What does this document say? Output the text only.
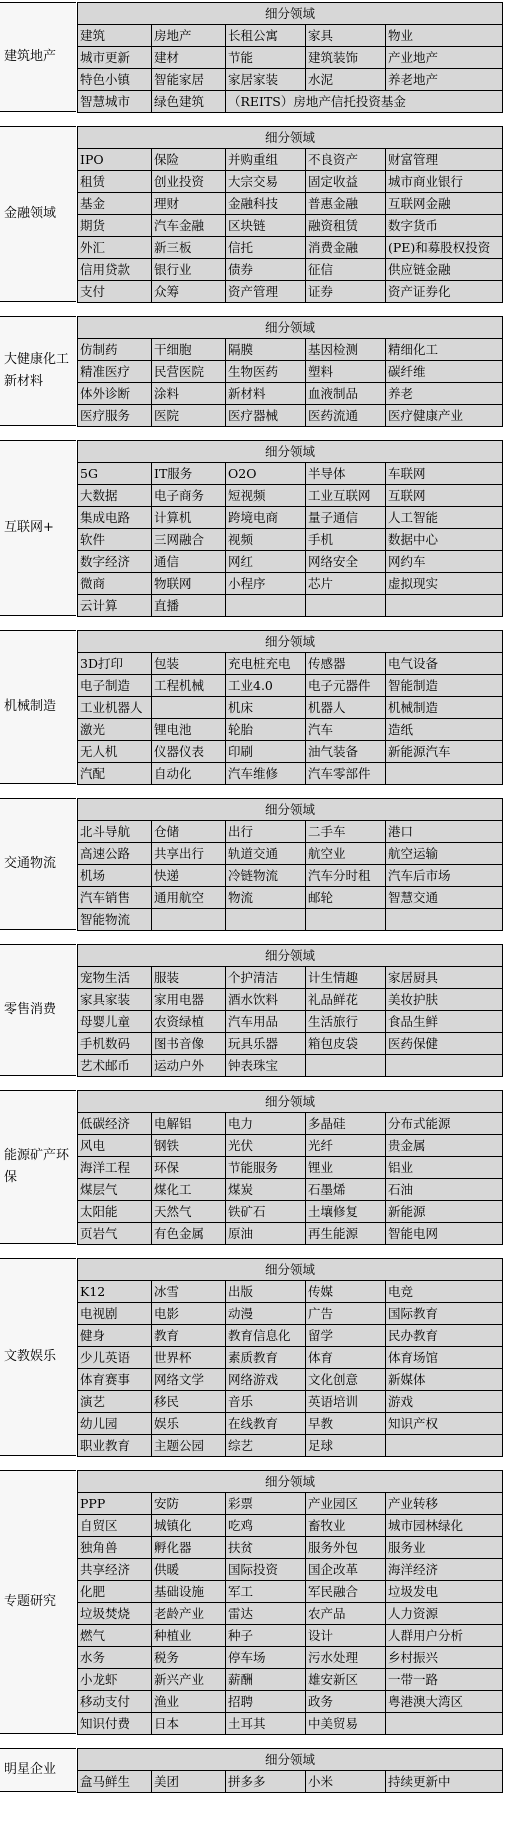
建筑地产
细分领域				
建筑	房地产	长租公寓	家具	物业
城市更新	建材	节能	建筑装饰	产业地产
特色小镇	智能家居	家居家装	水泥	养老地产
智慧城市	绿色建筑	（REITS）房地产信托投资基金		
金融领域
细分领域				
IPO	保险	并购重组	不良资产	财富管理
租赁	创业投资	大宗交易	固定收益	城市商业银行
基金	理财	金融科技	普惠金融	互联网金融
期货	汽车金融	区块链	融资租赁	数字货币
外汇	新三板	信托	消费金融	(PE)和募股权投资
信用贷款	银行业	债券	征信	供应链金融
支付	众筹	资产管理	证券	资产证券化
大健康化工新材料
细分领域				
仿制药	干细胞	隔膜	基因检测	精细化工
精准医疗	民营医院	生物医药	塑料	碳纤维
体外诊断	涂料	新材料	血液制品	养老
医疗服务	医院	医疗器械	医药流通	医疗健康产业
互联网+
细分领域				
5G	IT服务	O2O	半导体	车联网
大数据	电子商务	短视频	工业互联网	互联网
集成电路	计算机	跨境电商	量子通信	人工智能
软件	三网融合	视频	手机	数据中心
数字经济	通信	网红	网络安全	网约车
微商	物联网	小程序	芯片	虚拟现实
云计算	直播			
机械制造
细分领域				
3D打印	包装	充电桩充电	传感器	电气设备
电子制造	工程机械	工业4.0	电子元器件	智能制造
工业机器人		机床	机器人	机械制造
激光	锂电池	轮胎	汽车	造纸
无人机	仪器仪表	印刷	油气装备	新能源汽车
汽配	自动化	汽车维修	汽车零部件	
交通物流
细分领域				
北斗导航	仓储	出行	二手车	港口
高速公路	共享出行	轨道交通	航空业	航空运输
机场	快递	冷链物流	汽车分时租	汽车后市场
汽车销售	通用航空	物流	邮轮	智慧交通
智能物流				
零售消费
细分领域				
宠物生活	服装	个护清洁	计生情趣	家居厨具
家具家装	家用电器	酒水饮料	礼品鲜花	美妆护肤
母婴儿童	农资绿植	汽车用品	生活旅行	食品生鲜
手机数码	图书音像	玩具乐器	箱包皮袋	医药保健
艺术邮币	运动户外	钟表珠宝		
能源矿产环保
细分领域				
低碳经济	电解铝	电力	多晶硅	分布式能源
风电	钢铁	光伏	光纤	贵金属
海洋工程	环保	节能服务	锂业	铝业
煤层气	煤化工	煤炭	石墨烯	石油
太阳能	天然气	铁矿石	土壤修复	新能源
页岩气	有色金属	原油	再生能源	智能电网
文教娱乐
细分领域				
K12	冰雪	出版	传媒	电竞
电视剧	电影	动漫	广告	国际教育
健身	教育	教育信息化	留学	民办教育
少儿英语	世界杯	素质教育	体育	体育场馆
体育赛事	网络文学	网络游戏	文化创意	新媒体
演艺	移民	音乐	英语培训	游戏
幼儿园	娱乐	在线教育	早教	知识产权
职业教育	主题公园	综艺	足球	
专题研究
细分领域				
PPP	安防	彩票	产业园区	产业转移
自贸区	城镇化	吃鸡	畜牧业	城市园林绿化
独角兽	孵化器	扶贫	服务外包	服务业
共享经济	供暖	国际投资	国企改革	海洋经济
化肥	基础设施	军工	军民融合	垃圾发电
垃圾焚烧	老龄产业	雷达	农产品	人力资源
燃气	种植业	种子	设计	人群用户分析
水务	税务	停车场	污水处理	乡村振兴
小龙虾	新兴产业	薪酬	雄安新区	一带一路
移动支付	渔业	招聘	政务	粤港澳大湾区
知识付费	日本	土耳其	中美贸易	
明星企业
细分领域
盒马鲜生	美团	拼多多	小米	持续更新中
